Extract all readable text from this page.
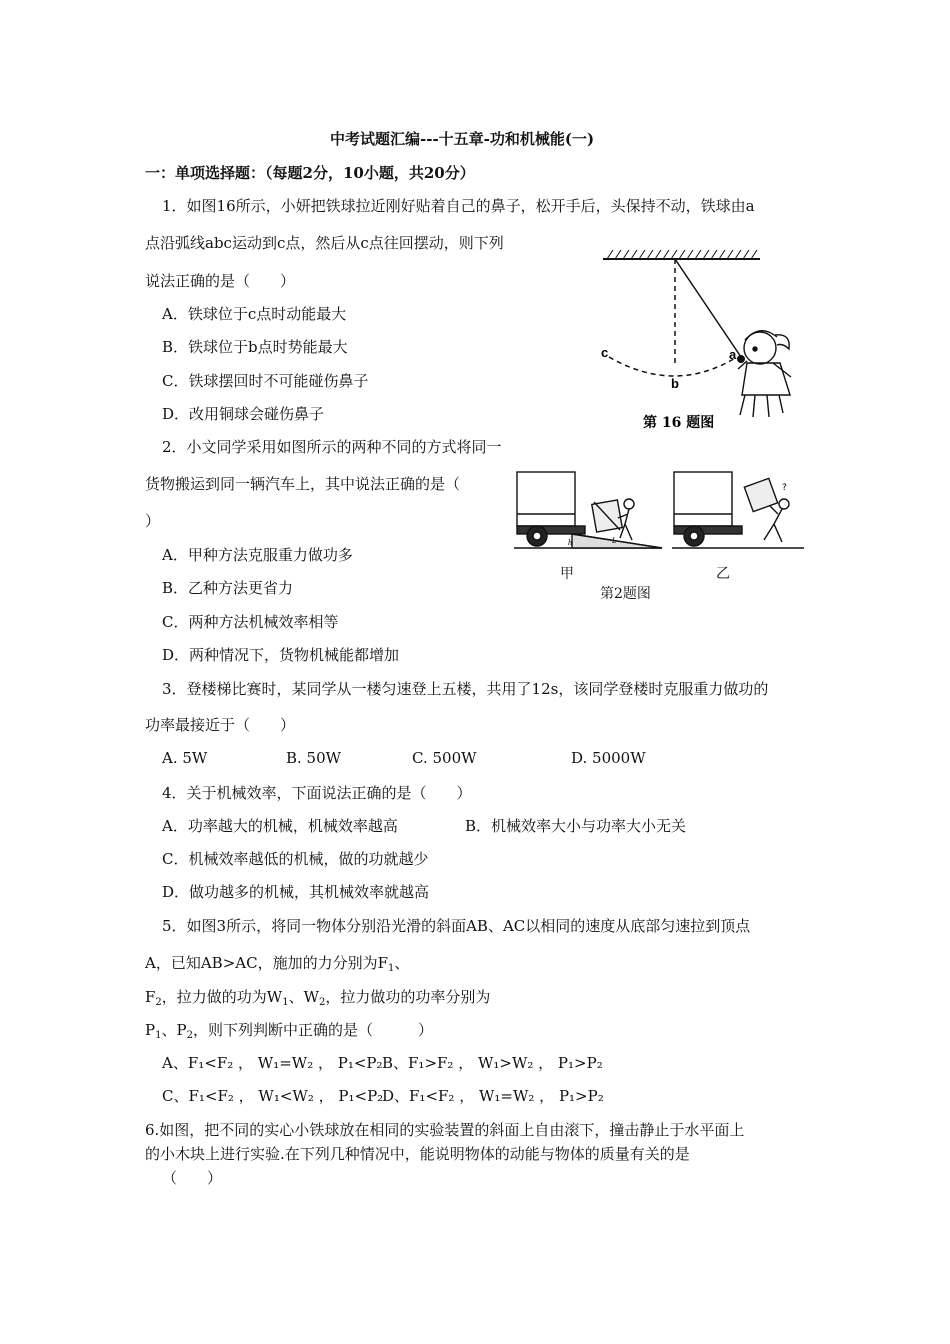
中考试题汇编---十五章-功和机械能(一)
一：单项选择题：（每题2分，10小题，共20分）
1．如图16所示，小妍把铁球拉近刚好贴着自己的鼻子，松开手后，头保持不动，铁球由a
点沿弧线abc运动到c点，然后从c点往回摆动，则下列
说法正确的是（　　）
A．铁球位于c点时动能最大
B．铁球位于b点时势能最大
C．铁球摆回时不可能碰伤鼻子
D．改用铜球会碰伤鼻子
c
b
a
第 16 题图
2．小文同学采用如图所示的两种不同的方式将同一
货物搬运到同一辆汽车上，其中说法正确的是（
）
A．甲种方法克服重力做功多
B．乙种方法更省力
C．两种方法机械效率相等
D．两种情况下，货物机械能都增加
h	L
?
甲	乙
第2题图
3．登楼梯比赛时，某同学从一楼匀速登上五楼，共用了12s，该同学登楼时克服重力做功的
功率最接近于（　　）
A. 5W	B. 50W	C. 500W	D. 5000W
4．关于机械效率，下面说法正确的是（　　）
A．功率越大的机械，机械效率越高	B．机械效率大小与功率大小无关
C．机械效率越低的机械，做的功就越少
D．做功越多的机械，其机械效率就越高
5．如图3所示，将同一物体分别沿光滑的斜面AB、AC以相同的速度从底部匀速拉到顶点
A，已知AB>AC，施加的力分别为$F_1$、
$F_2$，拉力做的功为$W_1$、$W_2$，拉力做功的功率分别为
$P_1$、$P_2$，则下列判断中正确的是（　　　）
A、F₁<F₂ ， W₁=W₂ ， P₁<P₂ B、F₁>F₂ ， W₁>W₂ ， P₁>P₂
C、F₁<F₂ ， W₁<W₂ ， P₁<P₂
D、F₁<F₂ ， W₁=W₂ ， P₁>P₂
6.如图，把不同的实心小铁球放在相同的实验装置的斜面上自由滚下，撞击静止于水平面上
的小木块上进行实验.在下列几种情况中，能说明物体的动能与物体的质量有关的是
（　　）
